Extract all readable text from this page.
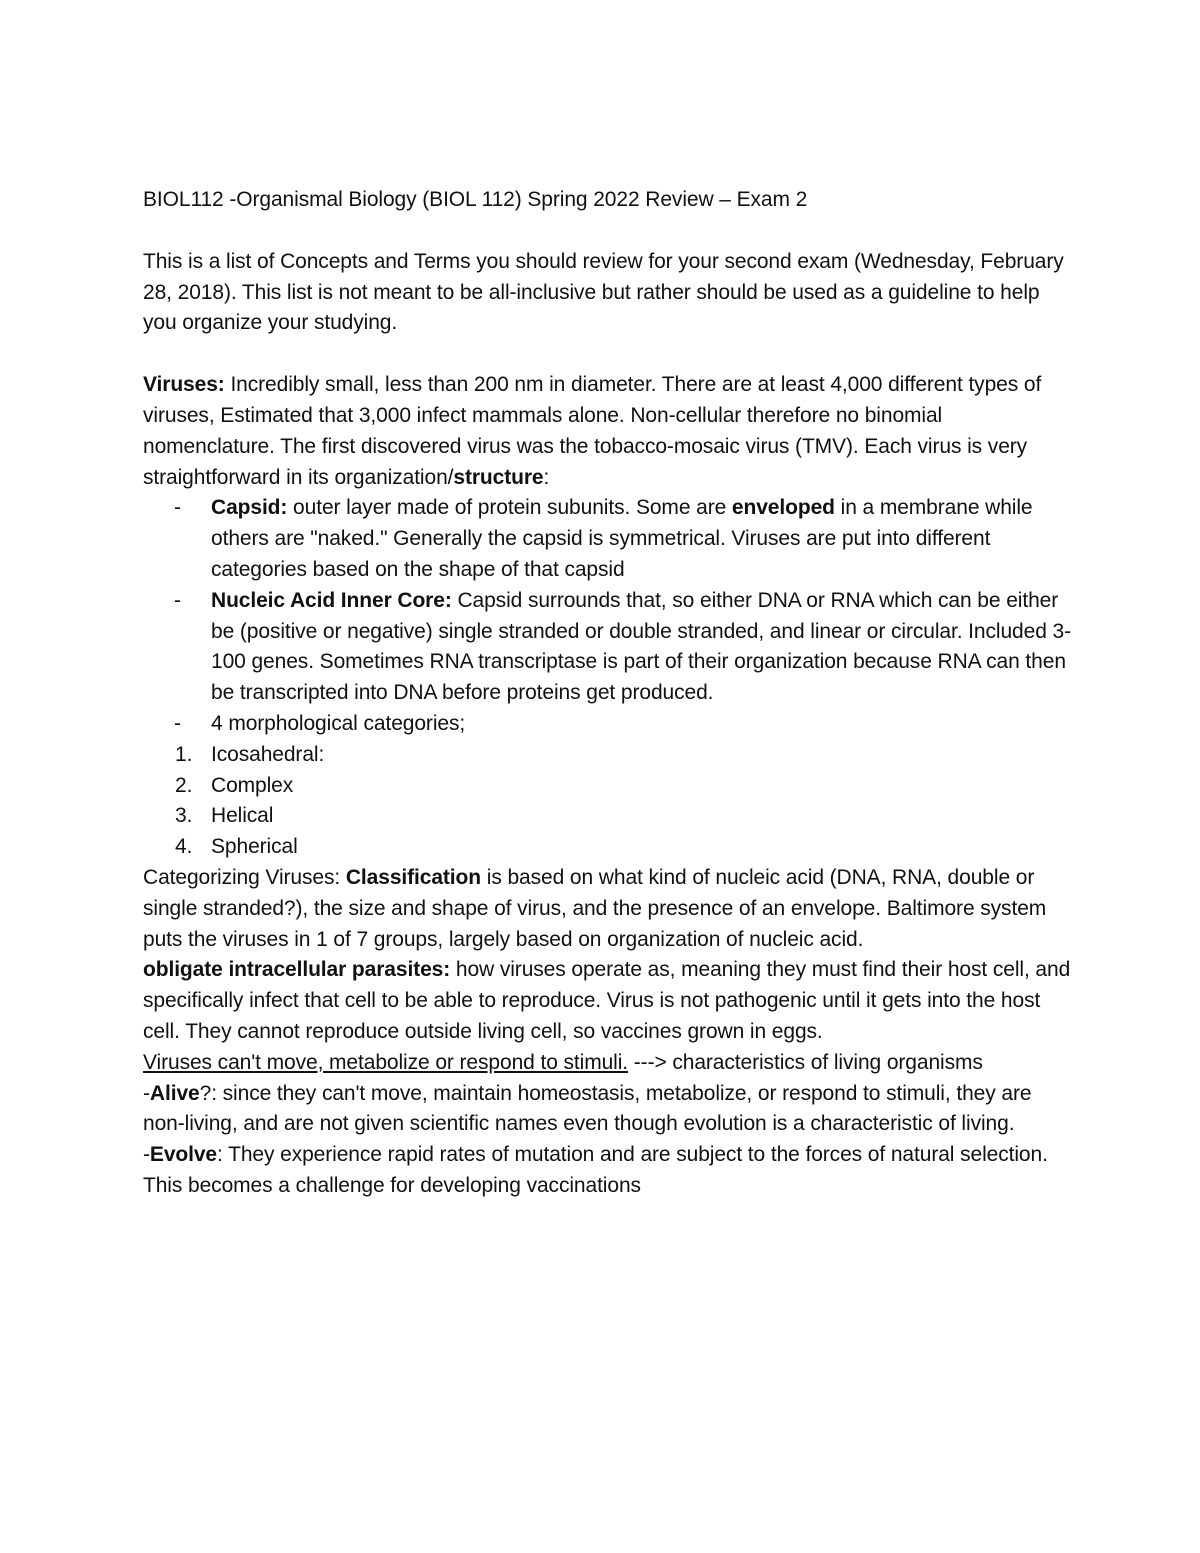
BIOL112 -Organismal Biology (BIOL 112) Spring 2022 Review – Exam 2

This is a list of Concepts and Terms you should review for your second exam (Wednesday, February 28, 2018). This list is not meant to be all-inclusive but rather should be used as a guideline to help you organize your studying.

Viruses: Incredibly small, less than 200 nm in diameter. There are at least 4,000 different types of viruses, Estimated that 3,000 infect mammals alone. Non-cellular therefore no binomial nomenclature. The first discovered virus was the tobacco-mosaic virus (TMV). Each virus is very straightforward in its organization/structure:

- Capsid: outer layer made of protein subunits. Some are enveloped in a membrane while others are "naked." Generally the capsid is symmetrical. Viruses are put into different categories based on the shape of that capsid

- Nucleic Acid Inner Core: Capsid surrounds that, so either DNA or RNA which can be either be (positive or negative) single stranded or double stranded, and linear or circular. Included 3-100 genes. Sometimes RNA transcriptase is part of their organization because RNA can then be transcripted into DNA before proteins get produced.

- 4 morphological categories;

1. Icosahedral:

2. Complex

3. Helical

4. Spherical

Categorizing Viruses: Classification is based on what kind of nucleic acid (DNA, RNA, double or single stranded?), the size and shape of virus, and the presence of an envelope. Baltimore system puts the viruses in 1 of 7 groups, largely based on organization of nucleic acid.

obligate intracellular parasites: how viruses operate as, meaning they must find their host cell, and specifically infect that cell to be able to reproduce. Virus is not pathogenic until it gets into the host cell. They cannot reproduce outside living cell, so vaccines grown in eggs.

Viruses can't move, metabolize or respond to stimuli. ---> characteristics of living organisms

-Alive?: since they can't move, maintain homeostasis, metabolize, or respond to stimuli, they are non-living, and are not given scientific names even though evolution is a characteristic of living.

-Evolve: They experience rapid rates of mutation and are subject to the forces of natural selection. This becomes a challenge for developing vaccinations
